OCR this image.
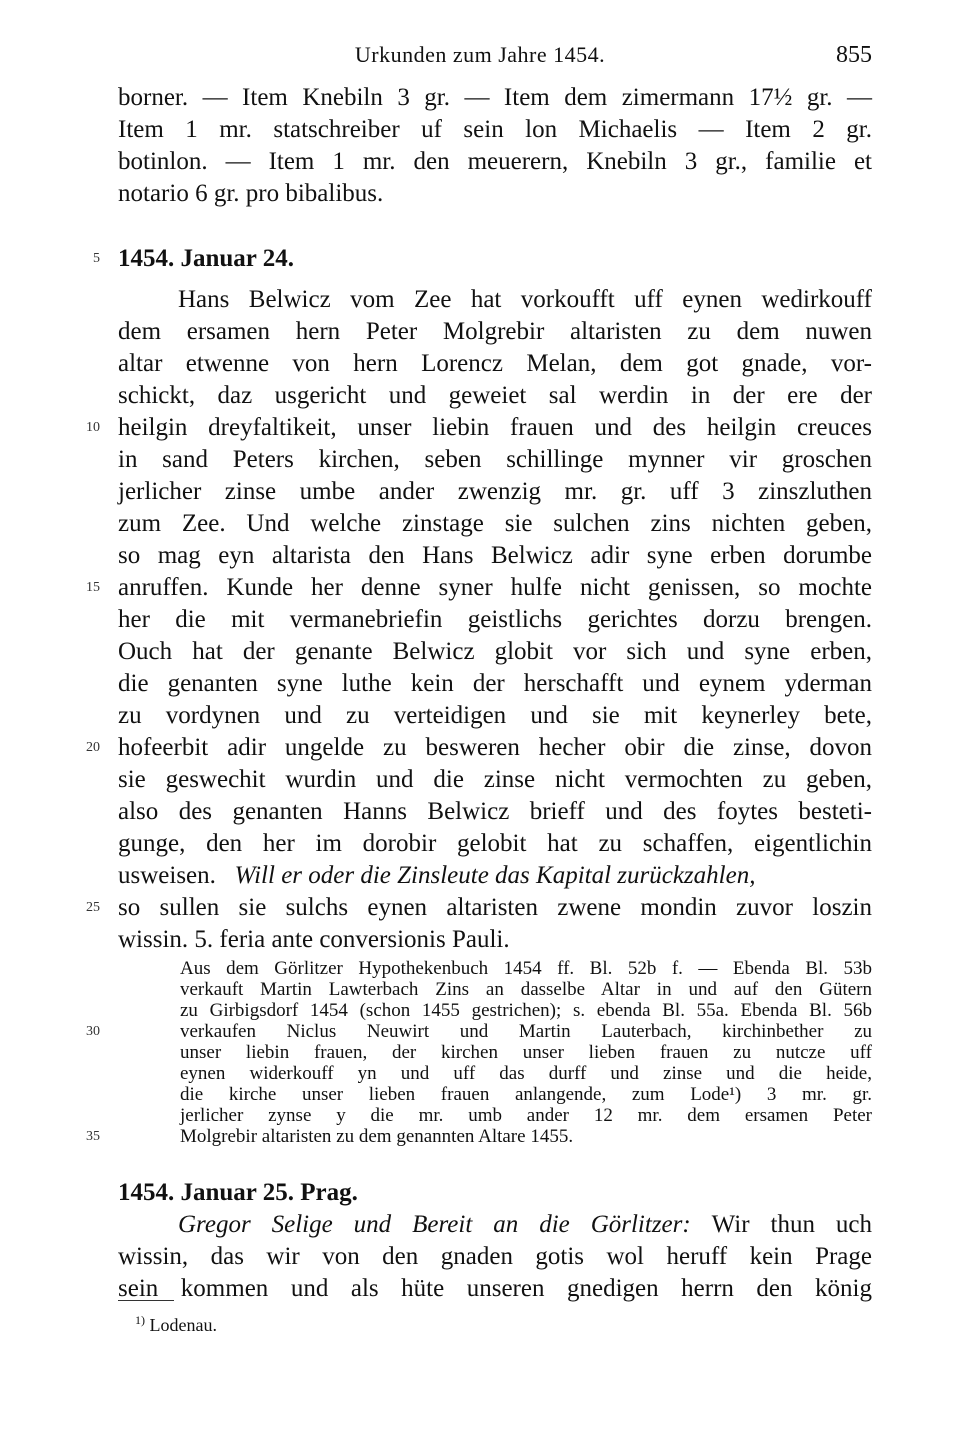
Urkunden zum Jahre 1454.	855
borner. — Item Knebiln 3 gr. — Item dem zimermann 17½ gr. —
Item 1 mr. statschreiber uf sein lon Michaelis — Item 2 gr.
botinlon. — Item 1 mr. den meuerern, Knebiln 3 gr., familie et
notario 6 gr. pro bibalibus.
5 1454. Januar 24.
Hans Belwicz vom Zee hat vorkoufft uff eynen wedirkouff
dem ersamen hern Peter Molgrebir altaristen zu dem nuwen
altar etwenne von hern Lorencz Melan, dem got gnade, vor-
schickt, daz usgericht und geweiet sal werdin in der ere der
10 heilgin dreyfaltikeit, unser liebin frauen und des heilgin creuces
in sand Peters kirchen, seben schillinge mynner vir groschen
jerlicher zinse umbe ander zwenzig mr. gr. uff 3 zinszluthen
zum Zee. Und welche zinstage sie sulchen zins nichten geben,
so mag eyn altarista den Hans Belwicz adir syne erben dorumbe
15 anruffen. Kunde her denne syner hulfe nicht genissen, so mochte
her die mit vermanebriefin geistlichs gerichtes dorzu brengen.
Ouch hat der genante Belwicz globit vor sich und syne erben,
die genanten syne luthe kein der herschafft und eynem yderman
zu vordynen und zu verteidigen und sie mit keynerley bete,
20 hofeerbit adir ungelde zu besweren hecher obir die zinse, dovon
sie geswechit wurdin und die zinse nicht vermochten zu geben,
also des genanten Hanns Belwicz brieff und des foytes besteti-
gunge, den her im dorobir gelobit hat zu schaffen, eigentlichin
usweisen. Will er oder die Zinsleute das Kapital zurückzahlen,
25 so sullen sie sulchs eynen altaristen zwene mondin zuvor loszin
wissin. 5. feria ante conversionis Pauli.
Aus dem Görlitzer Hypothekenbuch 1454 ff. Bl. 52b f. — Ebenda Bl. 53b
verkauft Martin Lawterbach Zins an dasselbe Altar in und auf den Gütern
zu Girbigsdorf 1454 (schon 1455 gestrichen); s. ebenda Bl. 55a. Ebenda Bl. 56b
30	verkaufen Niclus Neuwirt und Martin Lauterbach, kirchinbether zu
unser liebin frauen, der kirchen unser lieben frauen zu nutcze uff
eynen widerkouff yn und uff das durff und zinse und die heide,
die kirche unser lieben frauen anlangende, zum Lode¹) 3 mr. gr.
jerlicher zynse y die mr. umb ander 12 mr. dem ersamen Peter
35	Molgrebir altaristen zu dem genannten Altare 1455.
1454. Januar 25. Prag.
Gregor Selige und Bereit an die Görlitzer: Wir thun uch
wissin, das wir von den gnaden gotis wol heruff kein Prage
sein kommen und als hüte unseren gnedigen herrn den könig
$^{1)}$ Lodenau.
